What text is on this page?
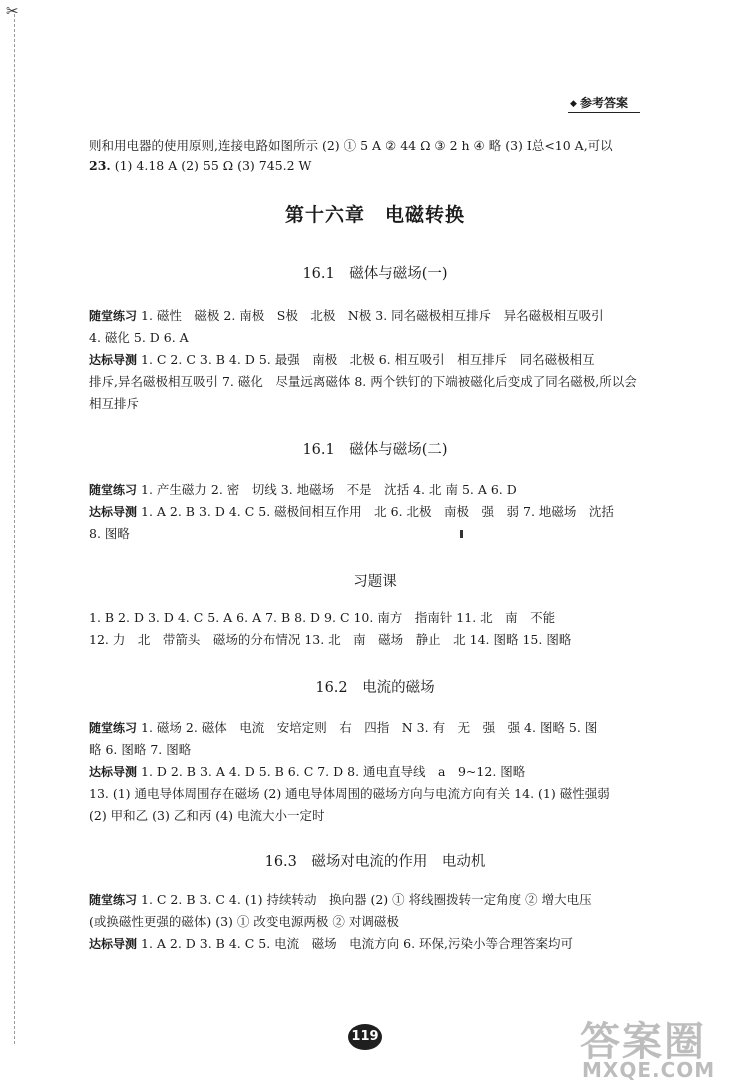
✂
◆ 参考答案
则和用电器的使用原则,连接电路如图所示 (2) ① 5 A ② 44 Ω ③ 2 h ④ 略 (3) I总<10 A,可以
23. (1) 4.18 A (2) 55 Ω (3) 745.2 W
第十六章　电磁转换
16.1　磁体与磁场(一)
随堂练习 1. 磁性　磁极 2. 南极　S极　北极　N极 3. 同名磁极相互排斥　异名磁极相互吸引
4. 磁化 5. D 6. A
达标导测 1. C 2. C 3. B 4. D 5. 最强　南极　北极 6. 相互吸引　相互排斥　同名磁极相互
排斥,异名磁极相互吸引 7. 磁化　尽量远离磁体 8. 两个铁钉的下端被磁化后变成了同名磁极,所以会
相互排斥
16.1　磁体与磁场(二)
随堂练习 1. 产生磁力 2. 密　切线 3. 地磁场　不是　沈括 4. 北 南 5. A 6. D
达标导测 1. A 2. B 3. D 4. C 5. 磁极间相互作用　北 6. 北极　南极　强　弱 7. 地磁场　沈括
8. 图略
习题课
1. B 2. D 3. D 4. C 5. A 6. A 7. B 8. D 9. C 10. 南方　指南针 11. 北　南　不能
12. 力　北　带箭头　磁场的分布情况 13. 北　南　磁场　静止　北 14. 图略 15. 图略
16.2　电流的磁场
随堂练习 1. 磁场 2. 磁体　电流　安培定则　右　四指　N 3. 有　无　强　强 4. 图略 5. 图
略 6. 图略 7. 图略
达标导测 1. D 2. B 3. A 4. D 5. B 6. C 7. D 8. 通电直导线　a　9~12. 图略
13. (1) 通电导体周围存在磁场 (2) 通电导体周围的磁场方向与电流方向有关 14. (1) 磁性强弱
(2) 甲和乙 (3) 乙和丙 (4) 电流大小一定时
16.3　磁场对电流的作用　电动机
随堂练习 1. C 2. B 3. C 4. (1) 持续转动　换向器 (2) ① 将线圈拨转一定角度 ② 增大电压
(或换磁性更强的磁体) (3) ① 改变电源两极 ② 对调磁极
达标导测 1. A 2. D 3. B 4. C 5. 电流　磁场　电流方向 6. 环保,污染小等合理答案均可
119	答案圈
MXQE.COM
